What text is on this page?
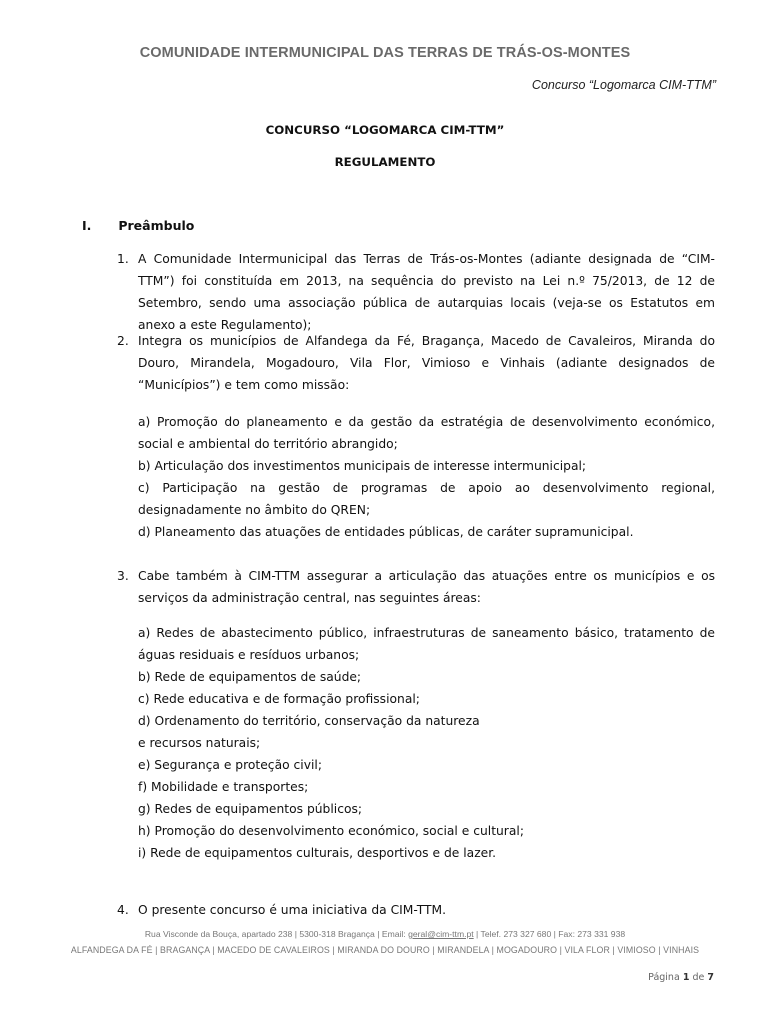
COMUNIDADE INTERMUNICIPAL DAS TERRAS DE TRÁS-OS-MONTES
Concurso “Logomarca CIM-TTM”
CONCURSO “LOGOMARCA CIM-TTM”
REGULAMENTO
I. Preâmbulo
1. A Comunidade Intermunicipal das Terras de Trás-os-Montes (adiante designada de “CIM-TTM”) foi constituída em 2013, na sequência do previsto na Lei n.º 75/2013, de 12 de Setembro, sendo uma associação pública de autarquias locais (veja-se os Estatutos em anexo a este Regulamento);
2. Integra os municípios de Alfandega da Fé, Bragança, Macedo de Cavaleiros, Miranda do Douro, Mirandela, Mogadouro, Vila Flor, Vimioso e Vinhais (adiante designados de “Municípios”) e tem como missão:

a) Promoção do planeamento e da gestão da estratégia de desenvolvimento económico, social e ambiental do território abrangido;

b) Articulação dos investimentos municipais de interesse intermunicipal;

c) Participação na gestão de programas de apoio ao desenvolvimento regional, designadamente no âmbito do QREN;

d) Planeamento das atuações de entidades públicas, de caráter supramunicipal.

3. Cabe também à CIM-TTM assegurar a articulação das atuações entre os municípios e os serviços da administração central, nas seguintes áreas:

a) Redes de abastecimento público, infraestruturas de saneamento básico, tratamento de águas residuais e resíduos urbanos;

b) Rede de equipamentos de saúde;

c) Rede educativa e de formação profissional;

d) Ordenamento do território, conservação da natureza

e recursos naturais;

e) Segurança e proteção civil;

f) Mobilidade e transportes;

g) Redes de equipamentos públicos;

h) Promoção do desenvolvimento económico, social e cultural;

i) Rede de equipamentos culturais, desportivos e de lazer.

4. O presente concurso é uma iniciativa da CIM-TTM.
Rua Visconde da Bouça, apartado 238 | 5300-318 Bragança | Email: geral@cim-ttm.pt | Telef. 273 327 680 | Fax: 273 331 938
ALFANDEGA DA FÉ | BRAGANÇA | MACEDO DE CAVALEIROS | MIRANDA DO DOURO | MIRANDELA | MOGADOURO | VILA FLOR | VIMIOSO | VINHAIS
Página 1 de 7
